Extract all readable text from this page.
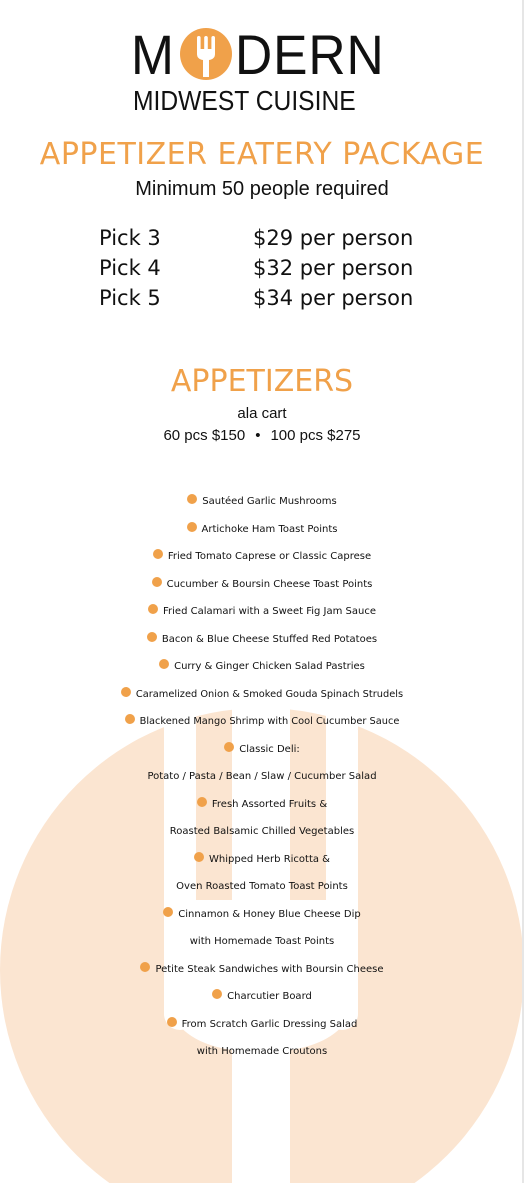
M DERN
MIDWEST CUISINE
APPETIZER EATERY PACKAGE
Minimum 50 people required
Pick 3	$29 per person
Pick 4	$32 per person
Pick 5	$34 per person
APPETIZERS
ala cart
60 pcs $150 • 100 pcs $275
Sautéed Garlic Mushrooms
Artichoke Ham Toast Points
Fried Tomato Caprese or Classic Caprese
Cucumber & Boursin Cheese Toast Points
Fried Calamari with a Sweet Fig Jam Sauce
Bacon & Blue Cheese Stuffed Red Potatoes
Curry & Ginger Chicken Salad Pastries
Caramelized Onion & Smoked Gouda Spinach Strudels
Blackened Mango Shrimp with Cool Cucumber Sauce
Classic Deli:
Potato / Pasta / Bean / Slaw / Cucumber Salad
Fresh Assorted Fruits &
Roasted Balsamic Chilled Vegetables
Whipped Herb Ricotta &
Oven Roasted Tomato Toast Points
Cinnamon & Honey Blue Cheese Dip
with Homemade Toast Points
Petite Steak Sandwiches with Boursin Cheese
Charcutier Board
From Scratch Garlic Dressing Salad
with Homemade Croutons
